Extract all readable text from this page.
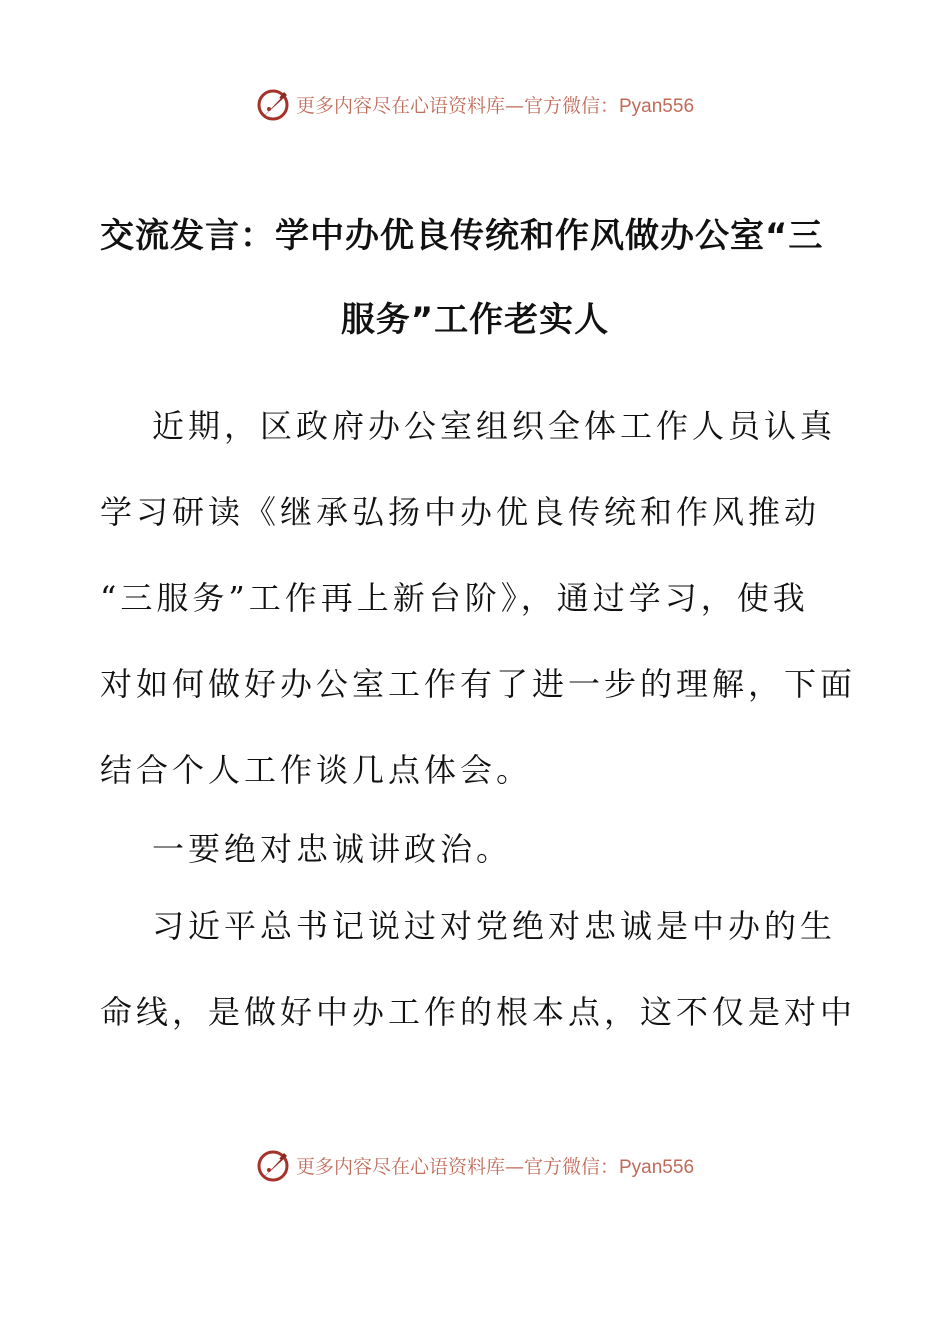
更多内容尽在心语资料库—官方微信：Pyan556
交流发言：学中办优良传统和作风做办公室“三
服务”工作老实人
近期，区政府办公室组织全体工作人员认真
学习研读《继承弘扬中办优良传统和作风推动
“三服务”工作再上新台阶》，通过学习，使我
对如何做好办公室工作有了进一步的理解，下面
结合个人工作谈几点体会。
一要绝对忠诚讲政治。
习近平总书记说过对党绝对忠诚是中办的生
命线，是做好中办工作的根本点，这不仅是对中
更多内容尽在心语资料库—官方微信：Pyan556
